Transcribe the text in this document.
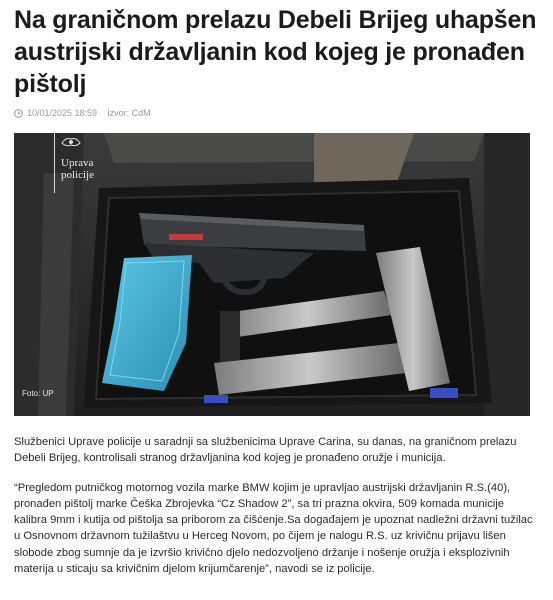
Na graničnom prelazu Debeli Brijeg uhapšen austrijski državljanin kod kojeg je pronađen pištolj
10/01/2025 18:59 Izvor: CdM
Uprava
policije
Foto: UP

Službenici Uprave policije u saradnji sa službenicima Uprave Carina, su danas, na graničnom prelazu Debeli Brijeg, kontrolisali stranog državljanina kod kojeg je pronađeno oružje i municija.

“Pregledom putničkog motornog vozila marke BMW kojim je upravljao austrijski državljanin R.S.(40), pronađen pištolj marke Češka Zbrojevka “Cz Shadow 2”, sa tri prazna okvira, 509 komada municije kalibra 9mm i kutija od pištolja sa priborom za čišćenje.Sa događajem je upoznat nadležni državni tužilac u Osnovnom državnom tužilaštvu u Herceg Novom, po čijem je nalogu R.S. uz krivičnu prijavu lišen slobode zbog sumnje da je izvršio krivično djelo nedozvoljeno držanje i nošenje oružja i eksplozivnih materija u sticaju sa krivičnim djelom krijumčarenje”, navodi se iz policije.
